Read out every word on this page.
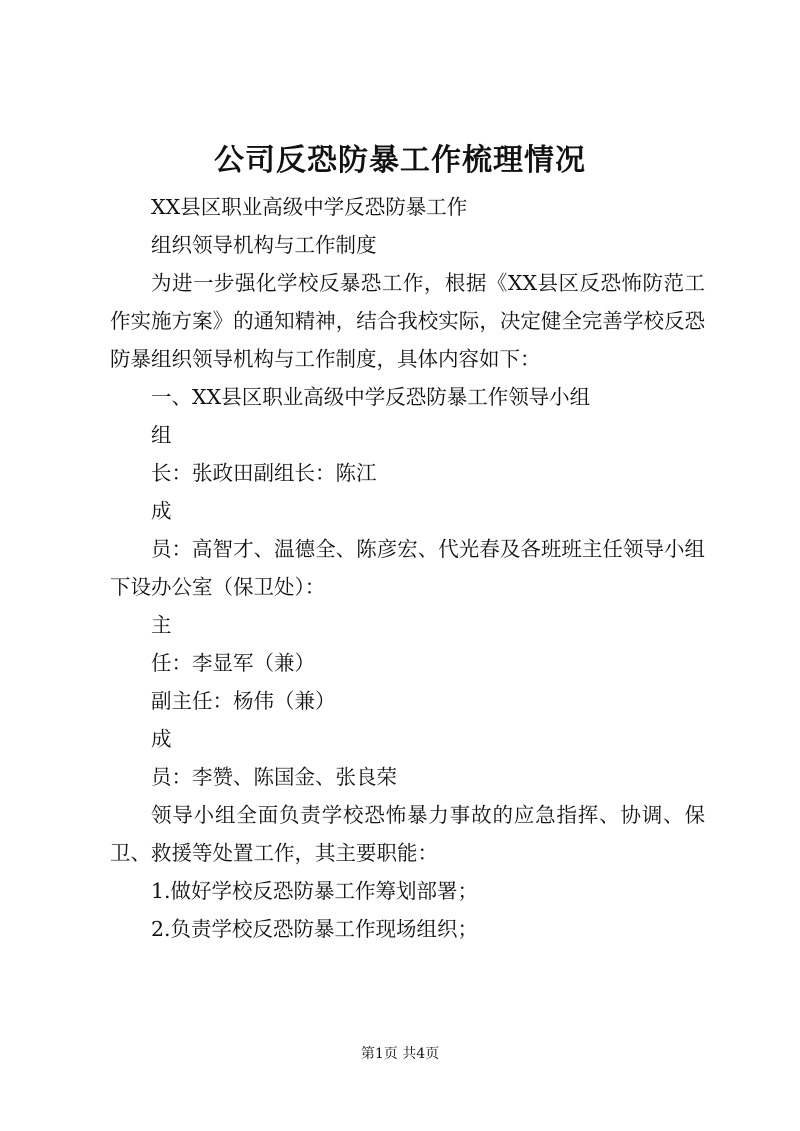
公司反恐防暴工作梳理情况

XX县区职业高级中学反恐防暴工作

组织领导机构与工作制度

为进一步强化学校反暴恐工作，根据《XX县区反恐怖防范工作实施方案》的通知精神，结合我校实际，决定健全完善学校反恐防暴组织领导机构与工作制度，具体内容如下：

一、XX县区职业高级中学反恐防暴工作领导小组

组

长：张政田副组长：陈江

成

员：高智才、温德全、陈彦宏、代光春及各班班主任领导小组下设办公室（保卫处）：

主

任：李显军（兼）

副主任：杨伟（兼）

成

员：李赞、陈国金、张良荣

领导小组全面负责学校恐怖暴力事故的应急指挥、协调、保卫、救援等处置工作，其主要职能：

1.做好学校反恐防暴工作筹划部署；

2.负责学校反恐防暴工作现场组织；

第1页 共4页
